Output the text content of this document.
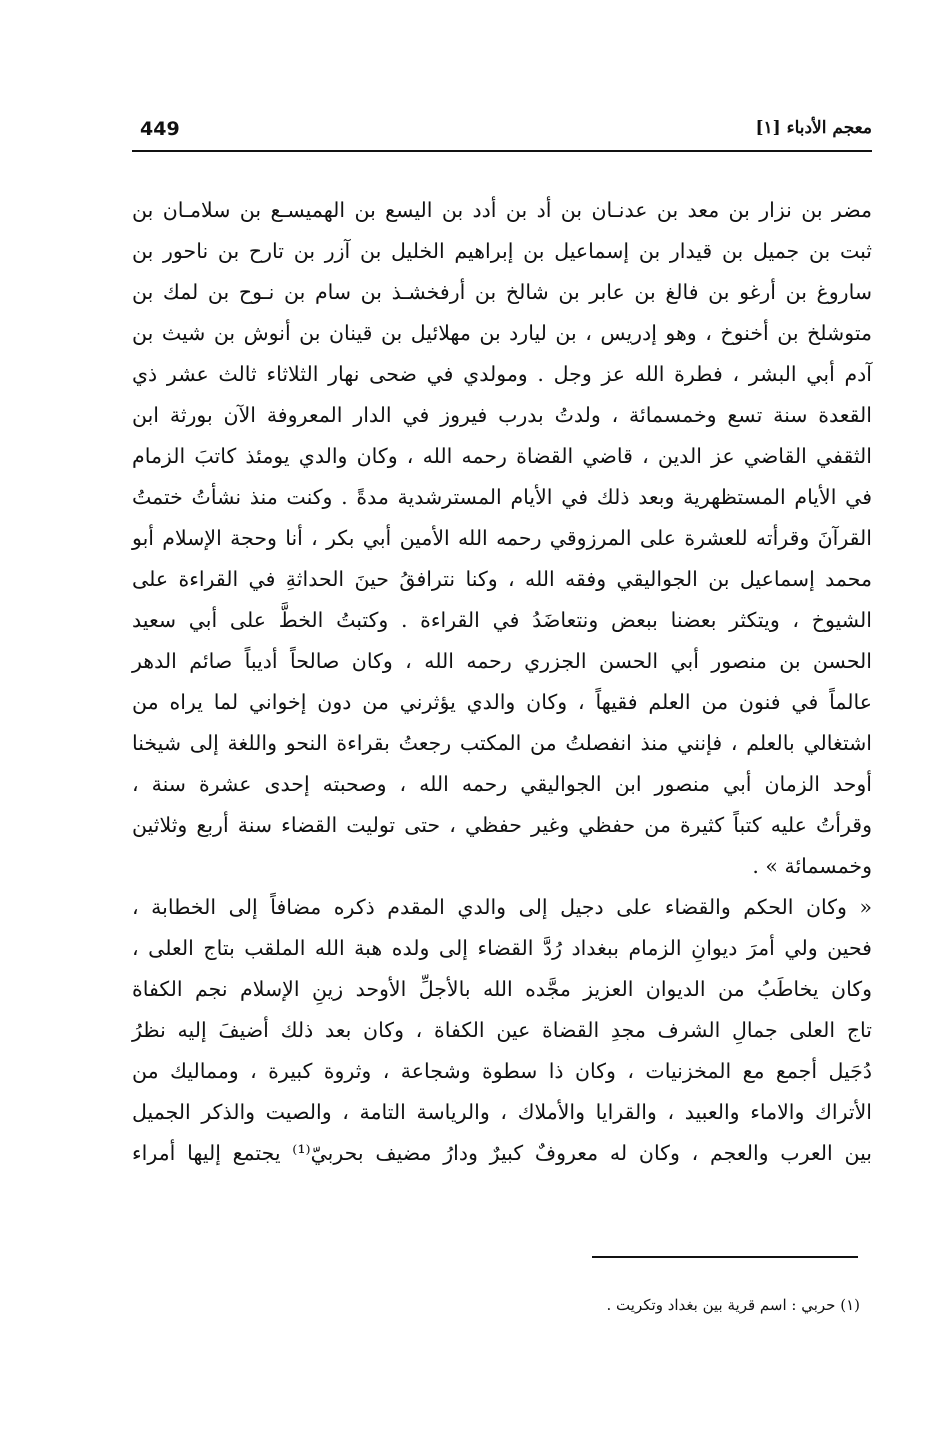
449	معجم الأدباء [١]
مضر بن نزار بن معد بن عدنـان بن أد بن أدد بن اليسع بن الهميسـع بن سلامـان بن
ثبت بن جميل بن قيدار بن إسماعيل بن إبراهيم الخليل بن آزر بن تارح بن ناحور بن
ساروغ بن أرغو بن فالغ بن عابر بن شالخ بن أرفخشـذ بن سام بن نـوح بن لمك بن
متوشلخ بن أخنوخ ، وهو إدريس ، بن ليارد بن مهلائيل بن قينان بن أنوش بن شيث بن
آدم أبي البشر ، فطرة الله عز وجل . ومولدي في ضحى نهار الثلاثاء ثالث عشر ذي
القعدة سنة تسع وخمسمائة ، ولدتُ بدرب فيروز في الدار المعروفة الآن بورثة ابن
الثقفي القاضي عز الدين ، قاضي القضاة رحمه الله ، وكان والدي يومئذ كاتبَ الزمام
في الأيام المستظهرية وبعد ذلك في الأيام المسترشدية مدةً . وكنت منذ نشأتُ ختمتُ
القرآنَ وقرأته للعشرة على المرزوقي رحمه الله الأمين أبي بكر ، أنا وحجة الإسلام أبو
محمد إسماعيل بن الجواليقي وفقه الله ، وكنا نترافقُ حينَ الحداثةِ في القراءة على
الشيوخ ، ويتكثر بعضنا ببعض ونتعاضَدُ في القراءة . وكتبتُ الخطَّ على أبي سعيد
الحسن بن منصور أبي الحسن الجزري رحمه الله ، وكان صالحاً أديباً صائم الدهر
عالماً في فنون من العلم فقيهاً ، وكان والدي يؤثرني من دون إخواني لما يراه من
اشتغالي بالعلم ، فإنني منذ انفصلتُ من المكتب رجعتُ بقراءة النحو واللغة إلى شيخنا
أوحد الزمان أبي منصور ابن الجواليقي رحمه الله ، وصحبته إحدى عشرة سنة ،
وقرأتُ عليه كتباً كثيرة من حفظي وغير حفظي ، حتى توليت القضاء سنة أربع وثلاثين
وخمسمائة » .
« وكان الحكم والقضاء على دجيل إلى والدي المقدم ذكره مضافاً إلى الخطابة ،
فحين ولي أمرَ ديوانِ الزمام ببغداد رُدَّ القضاء إلى ولده هبة الله الملقب بتاج العلى ،
وكان يخاطَبُ من الديوان العزيز مجَّده الله بالأجلِّ الأوحد زينِ الإسلام نجم الكفاة
تاج العلى جمالِ الشرف مجدِ القضاة عين الكفاة ، وكان بعد ذلك أضيفَ إليه نظرُ
دُجَيل أجمع مع المخزنيات ، وكان ذا سطوة وشجاعة ، وثروة كبيرة ، ومماليك من
الأتراك والاماء والعبيد ، والقرايا والأملاك ، والرياسة التامة ، والصيت والذكر الجميل
بين العرب والعجم ، وكان له معروفٌ كبيرٌ ودارُ مضيف بحربيّ⁽¹⁾ يجتمع إليها أمراء
(١) حربي : اسم قرية بين بغداد وتكريت .
